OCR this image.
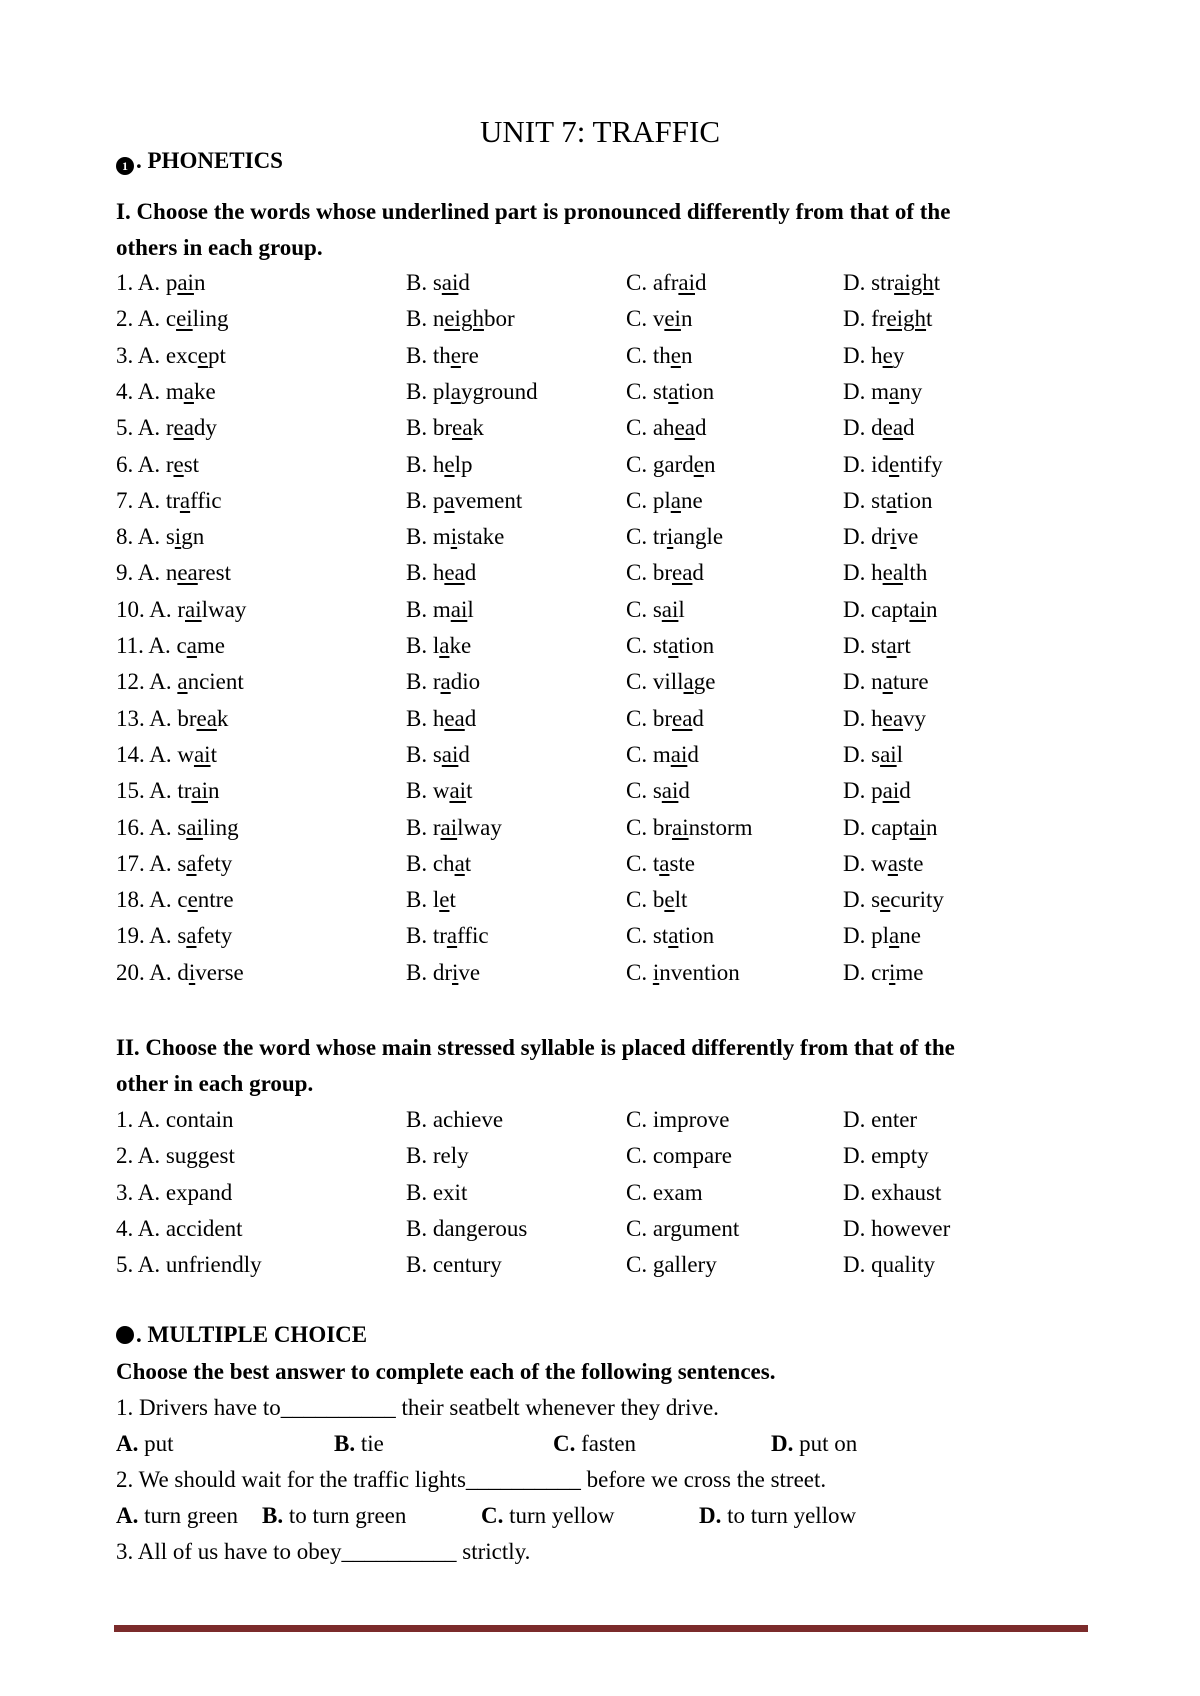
UNIT 7: TRAFFIC
1 . PHONETICS
I. Choose the words whose underlined part is pronounced differently from that of the
others in each group.
1. A. pain	B. said	C. afraid	D. straight
2. A. ceiling	B. neighbor	C. vein	D. freight
3. A. except	B. there	C. then	D. hey
4. A. make	B. playground	C. station	D. many
5. A. ready	B. break	C. ahead	D. dead
6. A. rest	B. help	C. garden	D. identify
7. A. traffic	B. pavement	C. plane	D. station
8. A. sign	B. mistake	C. triangle	D. drive
9. A. nearest	B. head	C. bread	D. health
10. A. railway	B. mail	C. sail	D. captain
11. A. came	B. lake	C. station	D. start
12. A. ancient	B. radio	C. village	D. nature
13. A. break	B. head	C. bread	D. heavy
14. A. wait	B. said	C. maid	D. sail
15. A. train	B. wait	C. said	D. paid
16. A. sailing	B. railway	C. brainstorm	D. captain
17. A. safety	B. chat	C. taste	D. waste
18. A. centre	B. let	C. belt	D. security
19. A. safety	B. traffic	C. station	D. plane
20. A. diverse	B. drive	C. invention	D. crime
II. Choose the word whose main stressed syllable is placed differently from that of the
other in each group.
1. A. contain	B. achieve	C. improve	D. enter
2. A. suggest	B. rely	C. compare	D. empty
3. A. expand	B. exit	C. exam	D. exhaust
4. A. accident	B. dangerous	C. argument	D. however
5. A. unfriendly	B. century	C. gallery	D. quality
. MULTIPLE CHOICE
Choose the best answer to complete each of the following sentences.
1. Drivers have to__________ their seatbelt whenever they drive.
A. put	B. tie	C. fasten	D. put on
2. We should wait for the traffic lights__________ before we cross the street.
A. turn green B. to turn green	C. turn yellow	D. to turn yellow
3. All of us have to obey__________ strictly.
